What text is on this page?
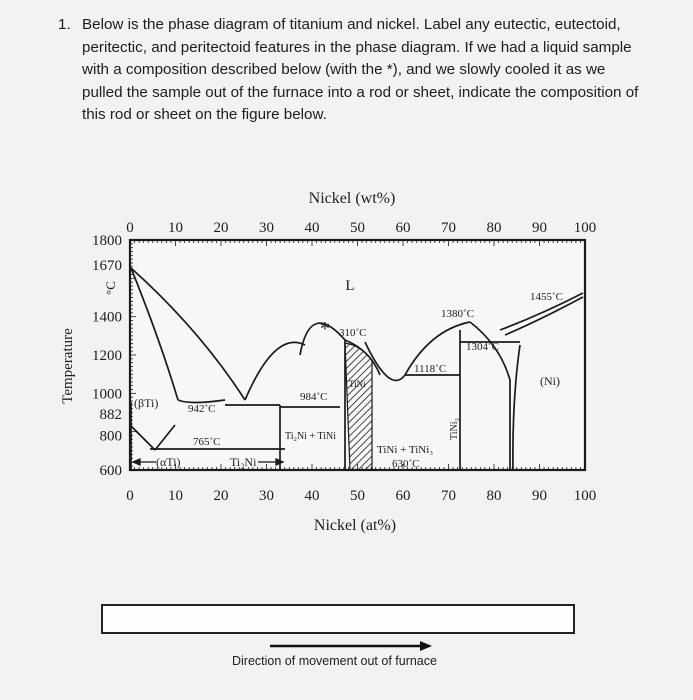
1. Below is the phase diagram of titanium and nickel. Label any eutectic, eutectoid, peritectic, and peritectoid features in the phase diagram. If we had a liquid sample with a composition described below (with the *), and we slowly cooled it as we pulled the sample out of the furnace into a rod or sheet, indicate the composition of this rod or sheet on the figure below.
Nickel (wt%)
0 10 20 30 40 50 60 70 80 90 100
0 10 20 30 40 50 60 70 80 90 100
Nickel (at%)
1800
1670
1400
1200
1000
882
800
600
Temperature
°C	L
(βTi)
(αTi)	Ti₂Ni
TiNi
TiNi₃
(Ni)
Ti₂Ni + TiNi
TiNi + TiNi₃
942˚C
765˚C
984˚C
310˚C
1118˚C
1380˚C
1304˚C
1455˚C
630˚C
*
Direction of movement out of furnace
